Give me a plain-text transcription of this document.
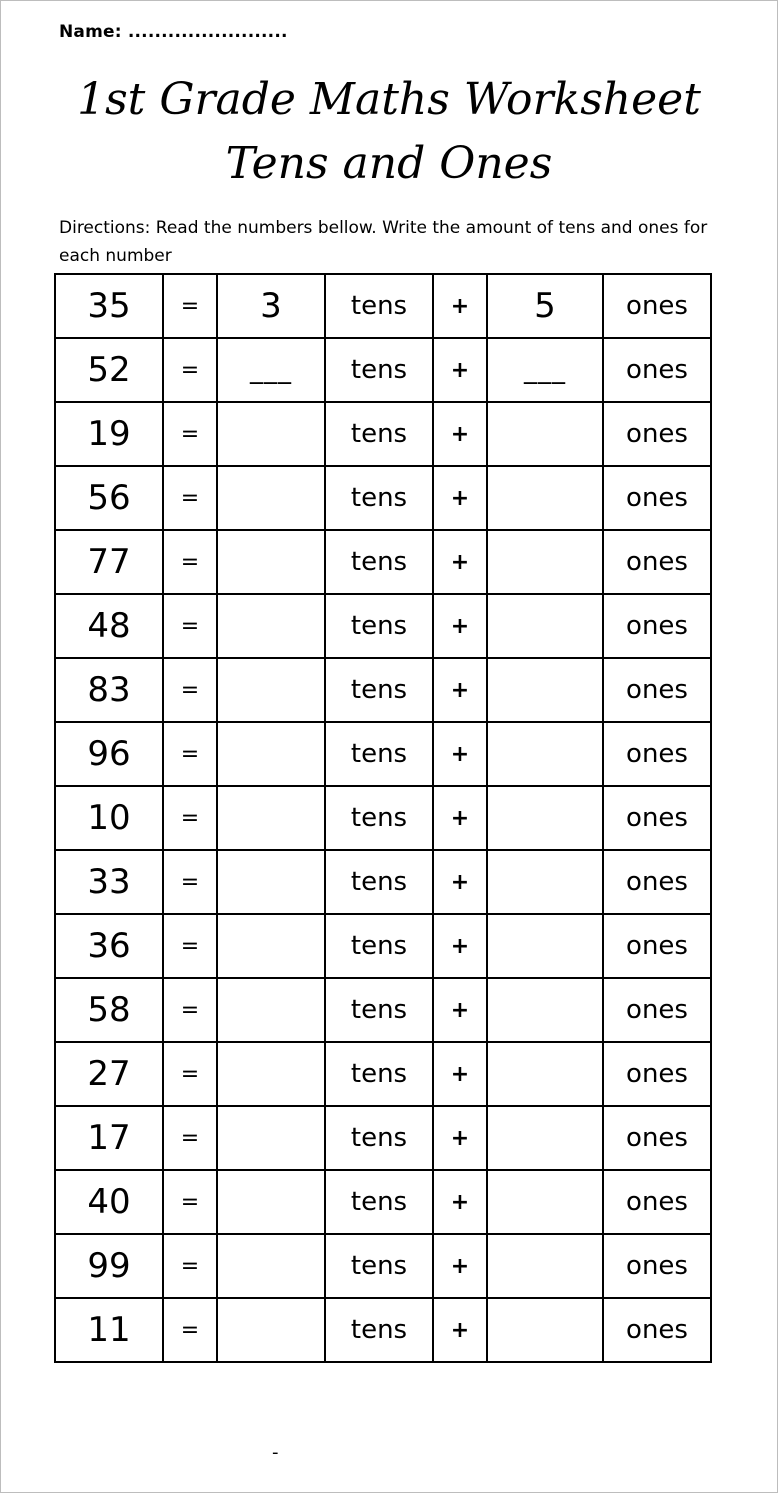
Name: ........................
1st Grade Maths Worksheet
Tens and Ones
Directions: Read the numbers bellow. Write the amount of tens and ones for each number
35	=	3	tens	+	5	ones
52	=	___	tens	+	___	ones
19	=		tens	+		ones
56	=		tens	+		ones
77	=		tens	+		ones
48	=		tens	+		ones
83	=		tens	+		ones
96	=		tens	+		ones
10	=		tens	+		ones
33	=		tens	+		ones
36	=		tens	+		ones
58	=		tens	+		ones
27	=		tens	+		ones
17	=		tens	+		ones
40	=		tens	+		ones
99	=		tens	+		ones
11	=		tens	+		ones
-
